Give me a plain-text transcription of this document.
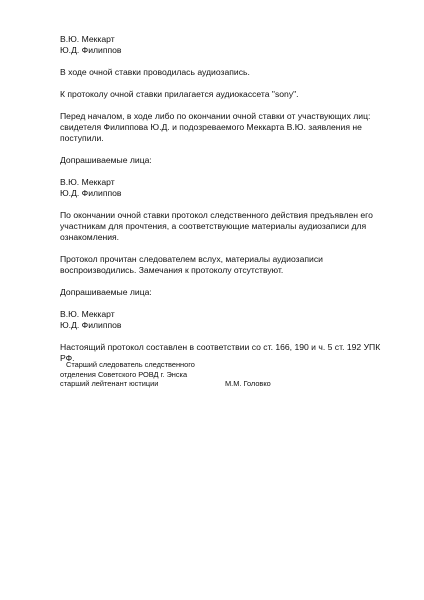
В.Ю. Меккарт
Ю.Д. Филиппов
В ходе очной ставки проводилась аудиозапись.
К протоколу очной ставки прилагается аудиокассета "sony".
Перед началом, в ходе либо по окончании очной ставки от участвующих лиц:
свидетеля Филиппова Ю.Д. и подозреваемого Меккарта В.Ю. заявления не
поступили.
Допрашиваемые лица:
В.Ю. Меккарт
Ю.Д. Филиппов
По окончании очной ставки протокол следственного действия предъявлен его
участникам для прочтения, а соответствующие материалы аудиозаписи для
ознакомления.
Протокол прочитан следователем вслух, материалы аудиозаписи
воспроизводились. Замечания к протоколу отсутствуют.
Допрашиваемые лица:
В.Ю. Меккарт
Ю.Д. Филиппов
Настоящий протокол составлен в соответствии со ст. 166, 190 и ч. 5 ст. 192 УПК
РФ.
Старший следователь следственного
отделения Советского РОВД г. Энска
старший лейтенант юстиции	М.М. Головко
